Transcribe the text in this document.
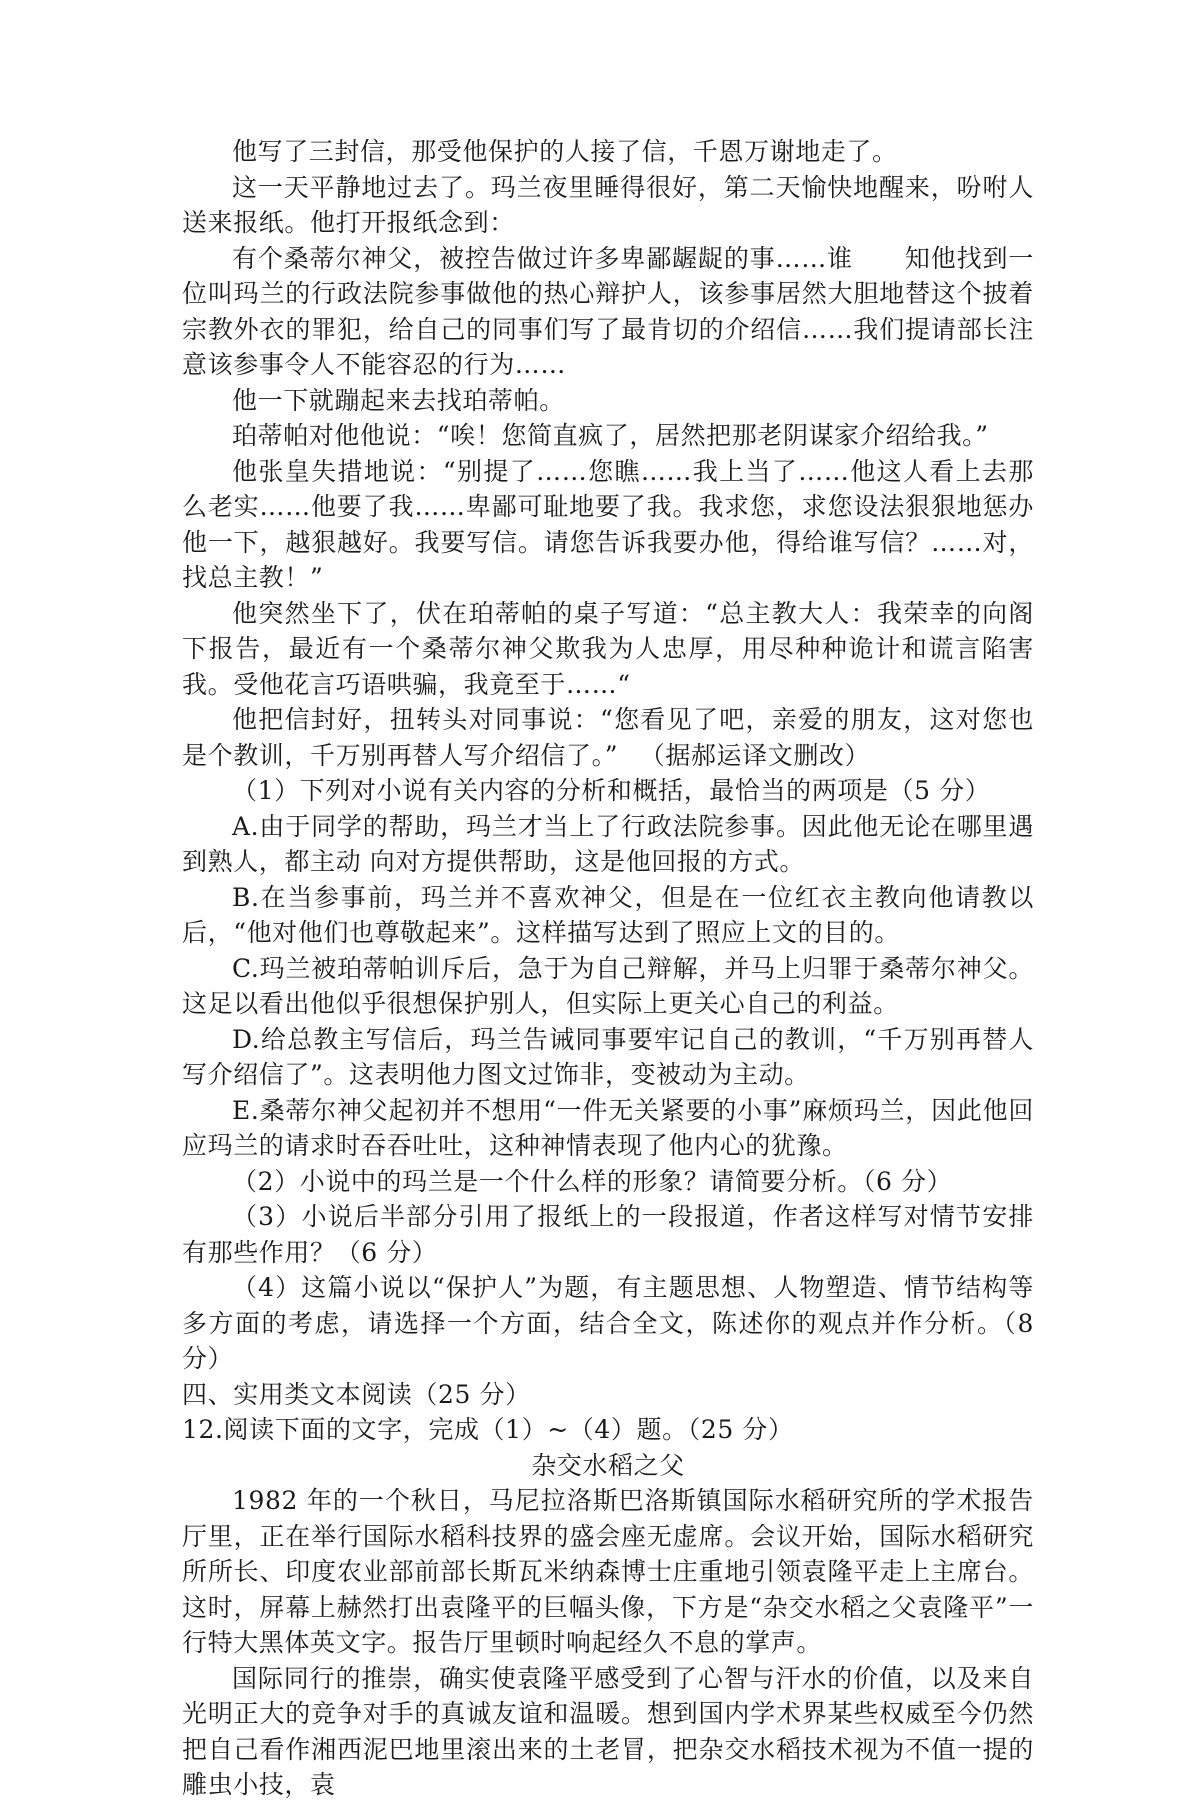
他写了三封信，那受他保护的人接了信，千恩万谢地走了。

这一天平静地过去了。玛兰夜里睡得很好，第二天愉快地醒来，吩咐人送来报纸。他打开报纸念到：

有个桑蒂尔神父，被控告做过许多卑鄙龌龊的事……谁　　知他找到一位叫玛兰的行政法院参事做他的热心辩护人，该参事居然大胆地替这个披着宗教外衣的罪犯，给自己的同事们写了最肯切的介绍信……我们提请部长注意该参事令人不能容忍的行为……

他一下就蹦起来去找珀蒂帕。

珀蒂帕对他他说：“唉！您简直疯了，居然把那老阴谋家介绍给我。”

他张皇失措地说：“别提了……您瞧……我上当了……他这人看上去那么老实……他要了我……卑鄙可耻地要了我。我求您，求您设法狠狠地惩办他一下，越狠越好。我要写信。请您告诉我要办他，得给谁写信？……对，找总主教！”

他突然坐下了，伏在珀蒂帕的桌子写道：“总主教大人：我荣幸的向阁下报告，最近有一个桑蒂尔神父欺我为人忠厚，用尽种种诡计和谎言陷害我。受他花言巧语哄骗，我竟至于……“

他把信封好，扭转头对同事说：“您看见了吧，亲爱的朋友，这对您也是个教训，千万别再替人写介绍信了。” 　（据郝运译文删改）

（1）下列对小说有关内容的分析和概括，最恰当的两项是（5 分）

A.由于同学的帮助，玛兰才当上了行政法院参事。因此他无论在哪里遇到熟人，都主动 向对方提供帮助，这是他回报的方式。

B.在当参事前，玛兰并不喜欢神父，但是在一位红衣主教向他请教以后，“他对他们也尊敬起来”。这样描写达到了照应上文的目的。

C.玛兰被珀蒂帕训斥后，急于为自己辩解，并马上归罪于桑蒂尔神父。这足以看出他似乎很想保护别人，但实际上更关心自己的利益。

D.给总教主写信后，玛兰告诫同事要牢记自己的教训，“千万别再替人写介绍信了”。这表明他力图文过饰非，变被动为主动。

E.桑蒂尔神父起初并不想用“一件无关紧要的小事”麻烦玛兰，因此他回应玛兰的请求时吞吞吐吐，这种神情表现了他内心的犹豫。

（2）小说中的玛兰是一个什么样的形象？请简要分析。（6 分）

（3）小说后半部分引用了报纸上的一段报道，作者这样写对情节安排有那些作用？（6 分）

（4）这篇小说以“保护人”为题，有主题思想、人物塑造、情节结构等多方面的考虑，请选择一个方面，结合全文，陈述你的观点并作分析。（8 分）

四、实用类文本阅读（25 分）

12.阅读下面的文字，完成（1）~（4）题。（25 分）

杂交水稻之父

1982 年的一个秋日，马尼拉洛斯巴洛斯镇国际水稻研究所的学术报告厅里，正在举行国际水稻科技界的盛会座无虚席。会议开始，国际水稻研究所所长、印度农业部前部长斯瓦米纳森博士庄重地引领袁隆平走上主席台。这时，屏幕上赫然打出袁隆平的巨幅头像，下方是“杂交水稻之父袁隆平”一行特大黑体英文字。报告厅里顿时响起经久不息的掌声。

国际同行的推崇，确实使袁隆平感受到了心智与汗水的价值，以及来自光明正大的竞争对手的真诚友谊和温暖。想到国内学术界某些权威至今仍然把自己看作湘西泥巴地里滚出来的土老冒，把杂交水稻技术视为不值一提的雕虫小技，袁
